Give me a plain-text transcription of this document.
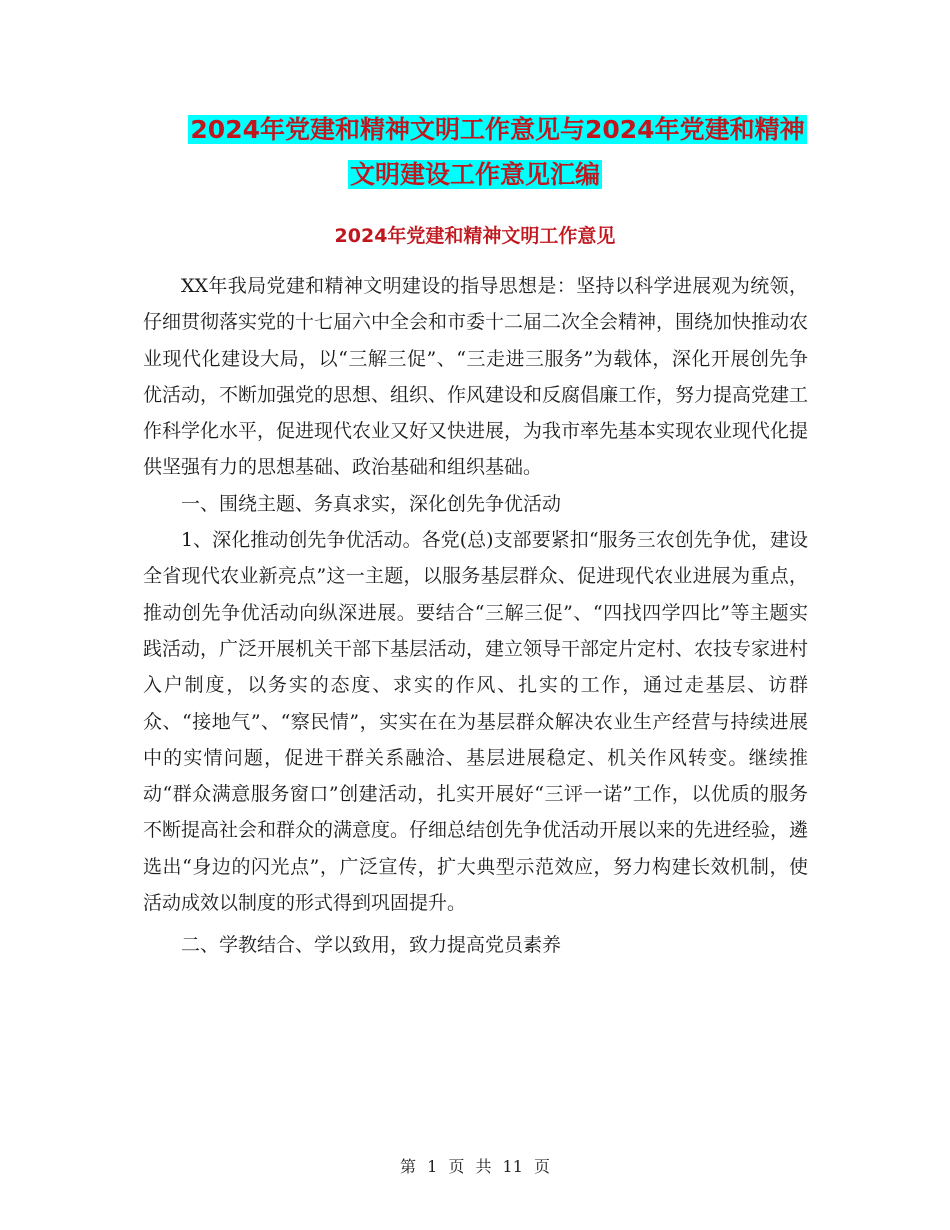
2024年党建和精神文明工作意见与2024年党建和精神
文明建设工作意见汇编
2024年党建和精神文明工作意见

XX年我局党建和精神文明建设的指导思想是：坚持以科学进展观为统领，仔细贯彻落实党的十七届六中全会和市委十二届二次全会精神，围绕加快推动农业现代化建设大局，以“三解三促”、“三走进三服务”为载体，深化开展创先争优活动，不断加强党的思想、组织、作风建设和反腐倡廉工作，努力提高党建工作科学化水平，促进现代农业又好又快进展，为我市率先基本实现农业现代化提供坚强有力的思想基础、政治基础和组织基础。

一、围绕主题、务真求实，深化创先争优活动

1、深化推动创先争优活动。各党(总)支部要紧扣“服务三农创先争优，建设全省现代农业新亮点”这一主题，以服务基层群众、促进现代农业进展为重点，推动创先争优活动向纵深进展。要结合“三解三促”、“四找四学四比”等主题实践活动，广泛开展机关干部下基层活动，建立领导干部定片定村、农技专家进村入户制度，以务实的态度、求实的作风、扎实的工作，通过走基层、访群众、“接地气”、“察民情”，实实在在为基层群众解决农业生产经营与持续进展中的实情问题，促进干群关系融洽、基层进展稳定、机关作风转变。继续推动“群众满意服务窗口”创建活动，扎实开展好“三评一诺”工作，以优质的服务不断提高社会和群众的满意度。仔细总结创先争优活动开展以来的先进经验，遴选出“身边的闪光点”，广泛宣传，扩大典型示范效应，努力构建长效机制，使活动成效以制度的形式得到巩固提升。

二、学教结合、学以致用，致力提高党员素养

第 1 页 共 11 页
